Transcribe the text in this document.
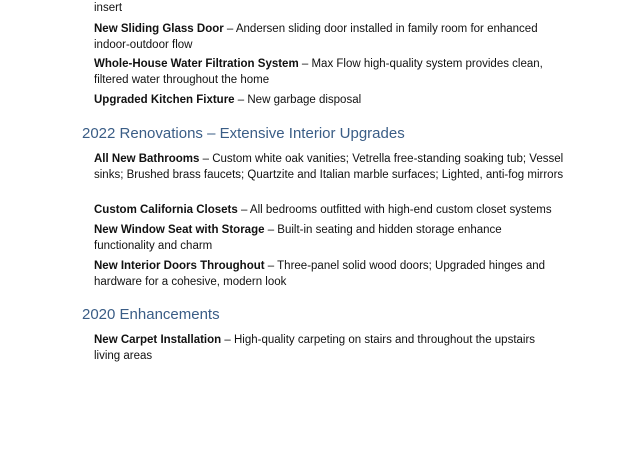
insert
New Sliding Glass Door – Andersen sliding door installed in family room for enhanced indoor-outdoor flow
Whole-House Water Filtration System – Max Flow high-quality system provides clean, filtered water throughout the home
Upgraded Kitchen Fixture – New garbage disposal
2022 Renovations – Extensive Interior Upgrades
All New Bathrooms – Custom white oak vanities; Vetrella free-standing soaking tub; Vessel sinks; Brushed brass faucets; Quartzite and Italian marble surfaces; Lighted, anti-fog mirrors
Custom California Closets – All bedrooms outfitted with high-end custom closet systems
New Window Seat with Storage – Built-in seating and hidden storage enhance functionality and charm
New Interior Doors Throughout – Three-panel solid wood doors; Upgraded hinges and hardware for a cohesive, modern look
2020 Enhancements
New Carpet Installation – High-quality carpeting on stairs and throughout the upstairs living areas
